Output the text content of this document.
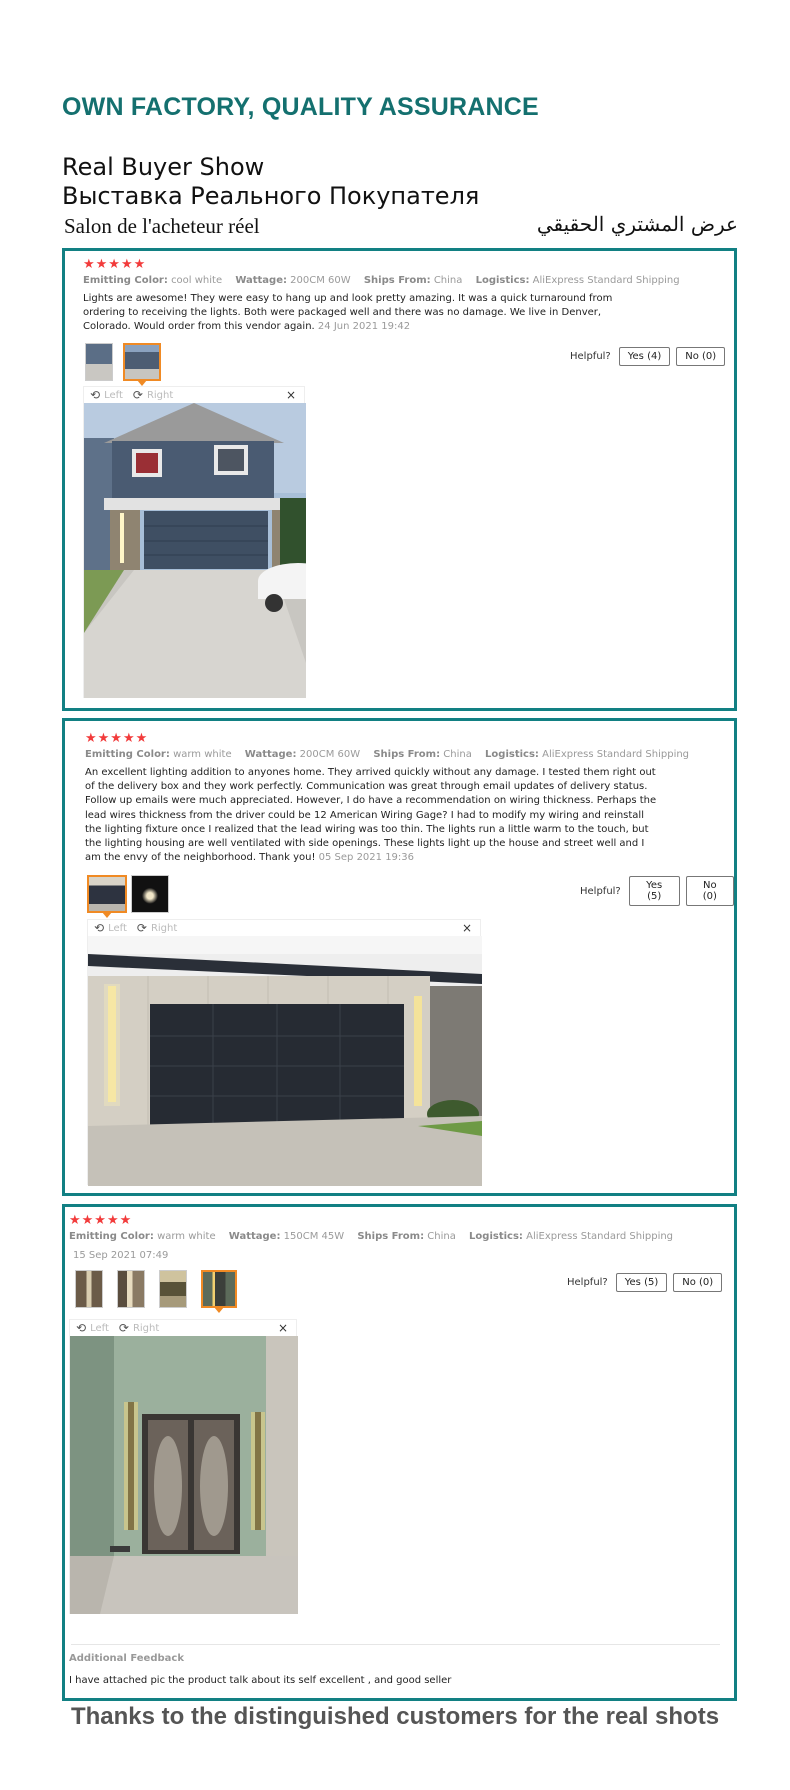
OWN FACTORY, QUALITY ASSURANCE
Real Buyer Show
Выставка Реального Покупателя
Salon de l'acheteur réel	عرض المشتري الحقيقي
★★★★★
Emitting Color: cool white Wattage: 200CM 60W Ships From: China Logistics: AliExpress Standard Shipping
Lights are awesome! They were easy to hang up and look pretty amazing. It was a quick turnaround from ordering to receiving the lights. Both were packaged well and there was no damage. We live in Denver, Colorado. Would order from this vendor again. 24 Jun 2021 19:42
Helpful?	Yes (4)	No (0)
⟲ Left ⟳ Right	×
★★★★★
Emitting Color: warm white Wattage: 200CM 60W Ships From: China Logistics: AliExpress Standard Shipping
An excellent lighting addition to anyones home. They arrived quickly without any damage. I tested them right out of the delivery box and they work perfectly. Communication was great through email updates of delivery status. Follow up emails were much appreciated. However, I do have a recommendation on wiring thickness. Perhaps the lead wires thickness from the driver could be 12 American Wiring Gage? I had to modify my wiring and reinstall the lighting fixture once I realized that the lead wiring was too thin. The lights run a little warm to the touch, but the lighting housing are well ventilated with side openings. These lights light up the house and street well and I am the envy of the neighborhood. Thank you! 05 Sep 2021 19:36
Helpful?	Yes (5)
No (0)
⟲ Left ⟳ Right	×
★★★★★
Emitting Color: warm white Wattage: 150CM 45W Ships From: China Logistics: AliExpress Standard Shipping
15 Sep 2021 07:49
Helpful?	Yes (5)	No (0)
⟲ Left ⟳ Right	×
Additional Feedback
I have attached pic the product talk about its self excellent , and good seller
Thanks to the distinguished customers for the real shots
